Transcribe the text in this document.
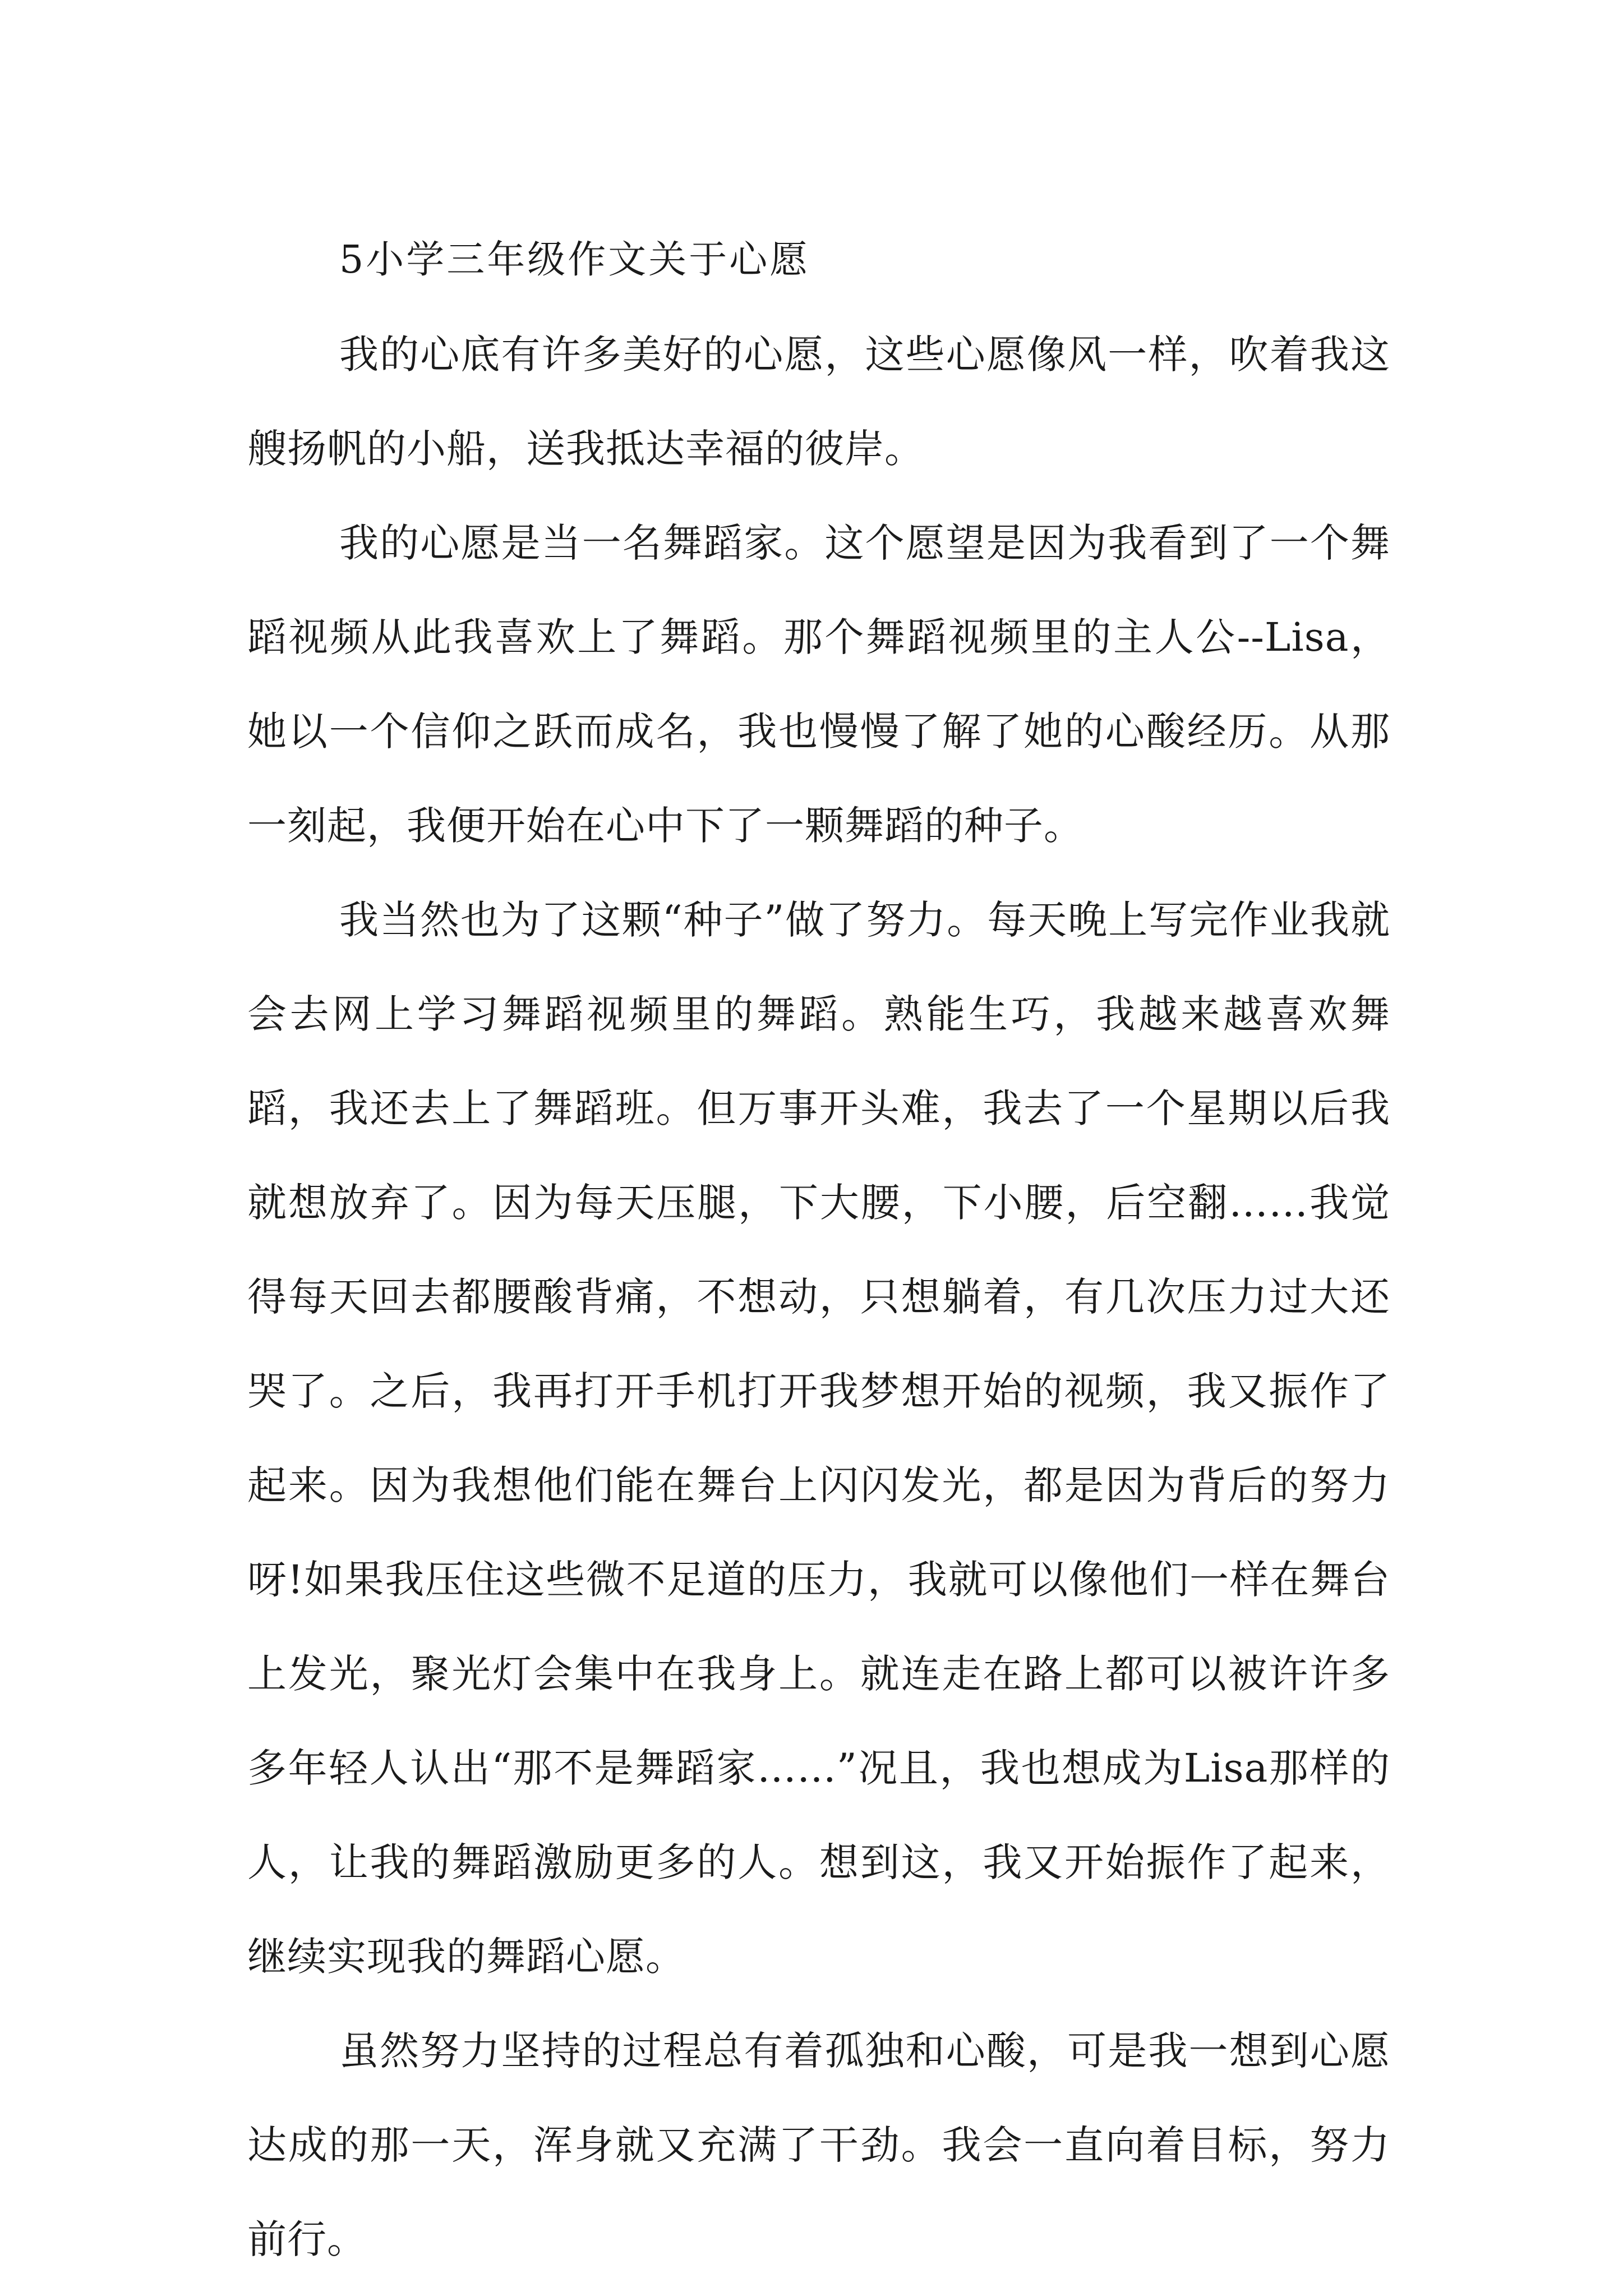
5小学三年级作文关于心愿

我的心底有许多美好的心愿，这些心愿像风一样，吹着我这艘扬帆的小船，送我抵达幸福的彼岸。

我的心愿是当一名舞蹈家。这个愿望是因为我看到了一个舞蹈视频从此我喜欢上了舞蹈。那个舞蹈视频里的主人公--Lisa，她以一个信仰之跃而成名，我也慢慢了解了她的心酸经历。从那一刻起，我便开始在心中下了一颗舞蹈的种子。

我当然也为了这颗“种子”做了努力。每天晚上写完作业我就会去网上学习舞蹈视频里的舞蹈。熟能生巧，我越来越喜欢舞蹈，我还去上了舞蹈班。但万事开头难，我去了一个星期以后我就想放弃了。因为每天压腿，下大腰，下小腰，后空翻……我觉得每天回去都腰酸背痛，不想动，只想躺着，有几次压力过大还哭了。之后，我再打开手机打开我梦想开始的视频，我又振作了起来。因为我想他们能在舞台上闪闪发光，都是因为背后的努力呀!如果我压住这些微不足道的压力，我就可以像他们一样在舞台上发光，聚光灯会集中在我身上。就连走在路上都可以被许许多多年轻人认出“那不是舞蹈家……”况且，我也想成为Lisa那样的人，让我的舞蹈激励更多的人。想到这，我又开始振作了起来，继续实现我的舞蹈心愿。

虽然努力坚持的过程总有着孤独和心酸，可是我一想到心愿达成的那一天，浑身就又充满了干劲。我会一直向着目标，努力前行。
